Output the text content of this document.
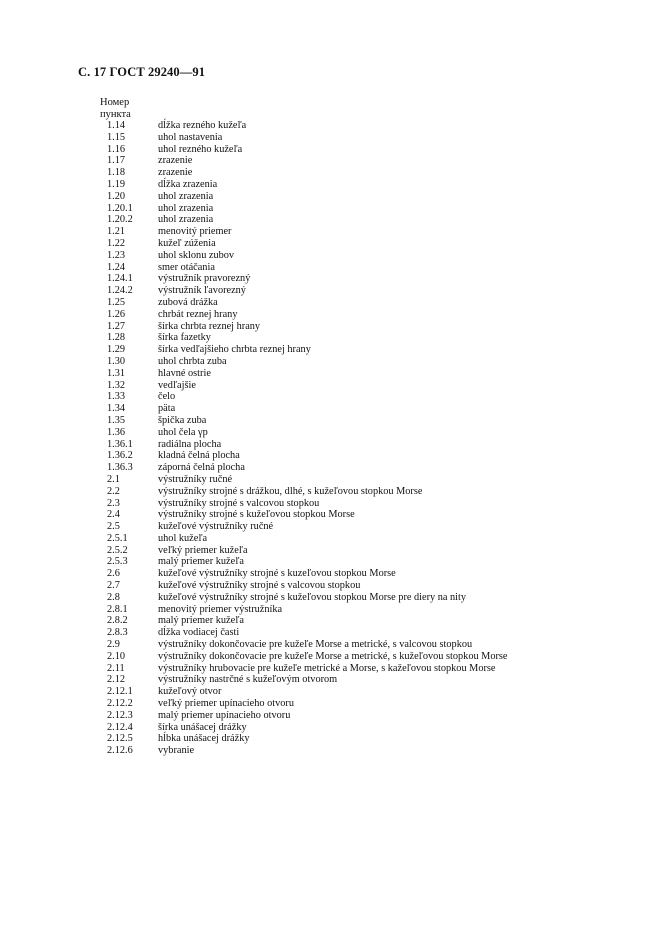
С. 17 ГОСТ 29240—91
Номер
пункта
1.14	dĺžka rezného kužeľa
1.15	uhol nastavenia
1.16	uhol rezného kužeľa
1.17	zrazenie
1.18	zrazenie
1.19	dĺžka zrazenia
1.20	uhol zrazenia
1.20.1 uhol zrazenia
1.20.2 uhol zrazenia
1.21	menovitý priemer
1.22	kužeľ zúženia
1.23	uhol sklonu zubov
1.24	smer otáčania
1.24.1 výstružník pravorezný
1.24.2 výstružník ľavorezný
1.25	zubová drážka
1.26	chrbát reznej hrany
1.27	šírka chrbta reznej hrany
1.28	šírka fazetky
1.29	šírka vedľajšieho chrbta reznej hrany
1.30	uhol chrbta zuba
1.31	hlavné ostrie
1.32	vedľajšie
1.33	čelo
1.34	päta
1.35	špička zuba
1.36	uhol čela γp
1.36.1 radiálna plocha
1.36.2 kladná čelná plocha
1.36.3 záporná čelná plocha
2.1	výstružníky ručné
2.2	výstružníky strojné s drážkou, dlhé, s kužeľovou stopkou Morse
2.3	výstružníky strojné s valcovou stopkou
2.4	výstružníky strojné s kužeľovou stopkou Morse
2.5	kužeľové výstružníky ručné
2.5.1	uhol kužeľa
2.5.2	veľký priemer kužeľa
2.5.3	malý priemer kužeľa
2.6	kužeľové výstružníky strojné s kuzeľovou stopkou Morse
2.7	kužeľové výstružníky strojné s valcovou stopkou
2.8	kužeľové výstružníky strojné s kužeľovou stopkou Morse pre diery na nity
2.8.1	menovitý priemer výstružníka
2.8.2	malý priemer kužeľa
2.8.3	dĺžka vodiacej časti
2.9	výstružníky dokončovacie pre kužeľe Morse a metrické, s valcovou stopkou
2.10	výstružníky dokončovacie pre kužeľe Morse a metrické, s kužeľovou stopkou Morse
2.11	výstružníky hrubovacie pre kužeľe metrické a Morse, s kažeľovou stopkou Morse
2.12	výstružníky nastrčné s kužeľovým otvorom
2.12.1 kužeľový otvor
2.12.2 veľký priemer upínacieho otvoru
2.12.3 malý priemer upínacieho otvoru
2.12.4 šírka unášacej drážky
2.12.5 hĺbka unášacej drážky
2.12.6 vybranie
